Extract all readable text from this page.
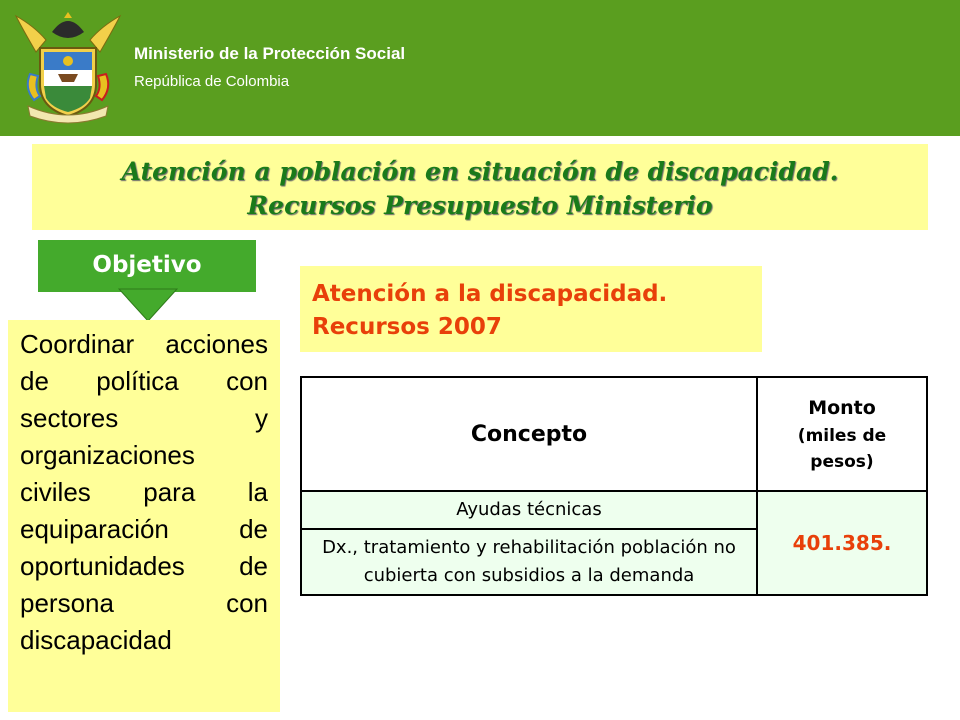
Ministerio de la Protección Social
República de Colombia
Atención a población en situación de discapacidad.
Recursos Presupuesto Ministerio
Objetivo

Coordinar acciones de política con sectores y organizaciones civiles para la equiparación de oportunidades de persona con discapacidad

Atención a la discapacidad.
Recursos 2007
Concepto	Monto
(miles de
pesos)

Ayudas técnicas	401.385.
Dx., tratamiento y rehabilitación población no cubierta con subsidios a la demanda	
